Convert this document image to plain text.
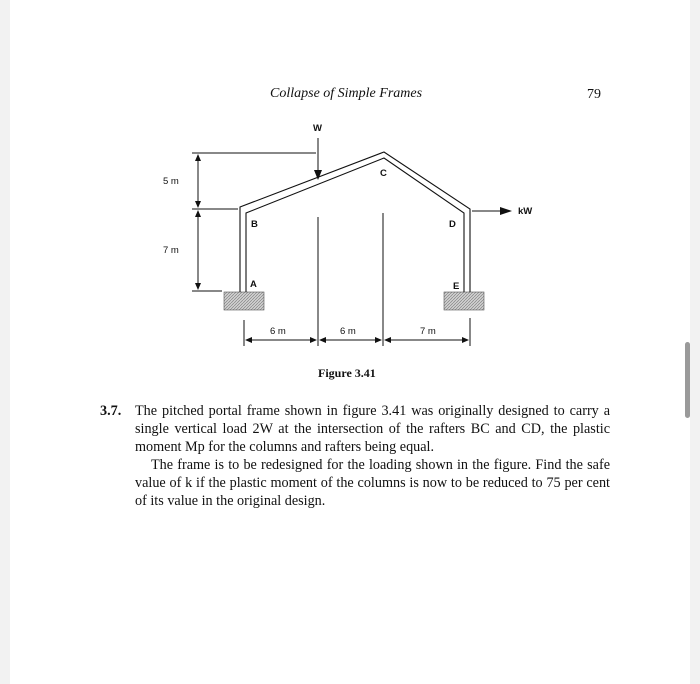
Collapse of Simple Frames	79
W
kW
A
B
C
D
E
5 m
7 m
6 m	6 m	7 m
Figure 3.41

3.7. The pitched portal frame shown in figure 3.41 was originally designed to carry a single vertical load 2W at the intersection of the rafters BC and CD, the plastic moment Mp for the columns and rafters being equal.

The frame is to be redesigned for the loading shown in the figure. Find the safe value of k if the plastic moment of the columns is now to be reduced to 75 per cent of its value in the original design.
